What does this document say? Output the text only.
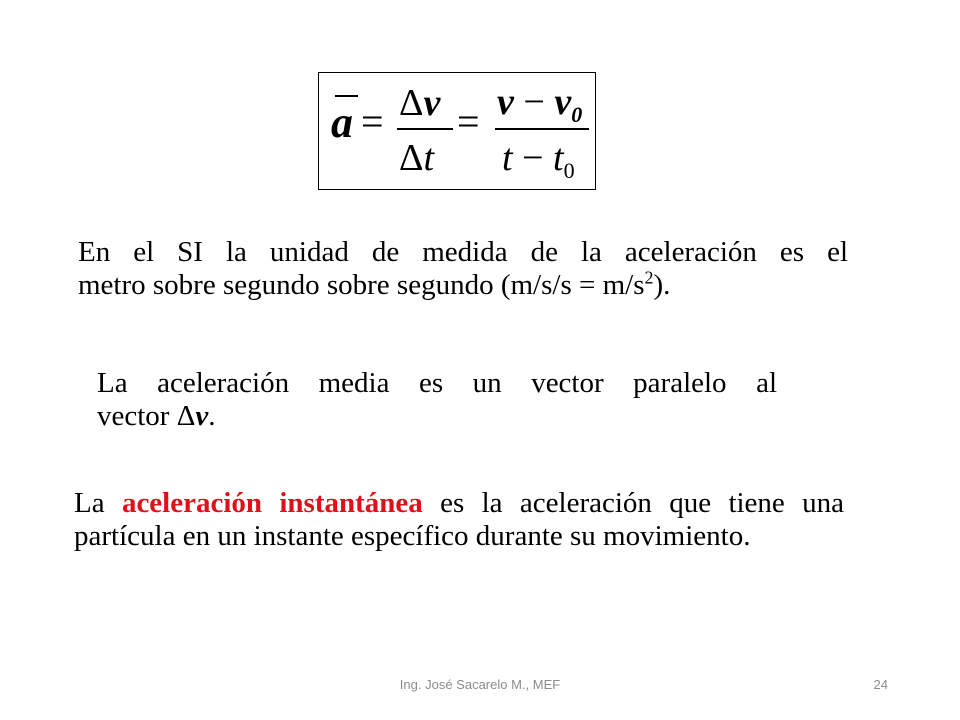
a = Δv
Δt
= $v - v_0$
$t - t_0$

En el SI la unidad de medida de la aceleración es el
metro sobre segundo sobre segundo $(m/s/s = m/s^2)$.

La aceleración media es un vector paralelo al
vector Δv.

La aceleración instantánea es la aceleración que tiene una partícula en un instante específico durante su movimiento.

Ing. José Sacarelo M., MEF	24
